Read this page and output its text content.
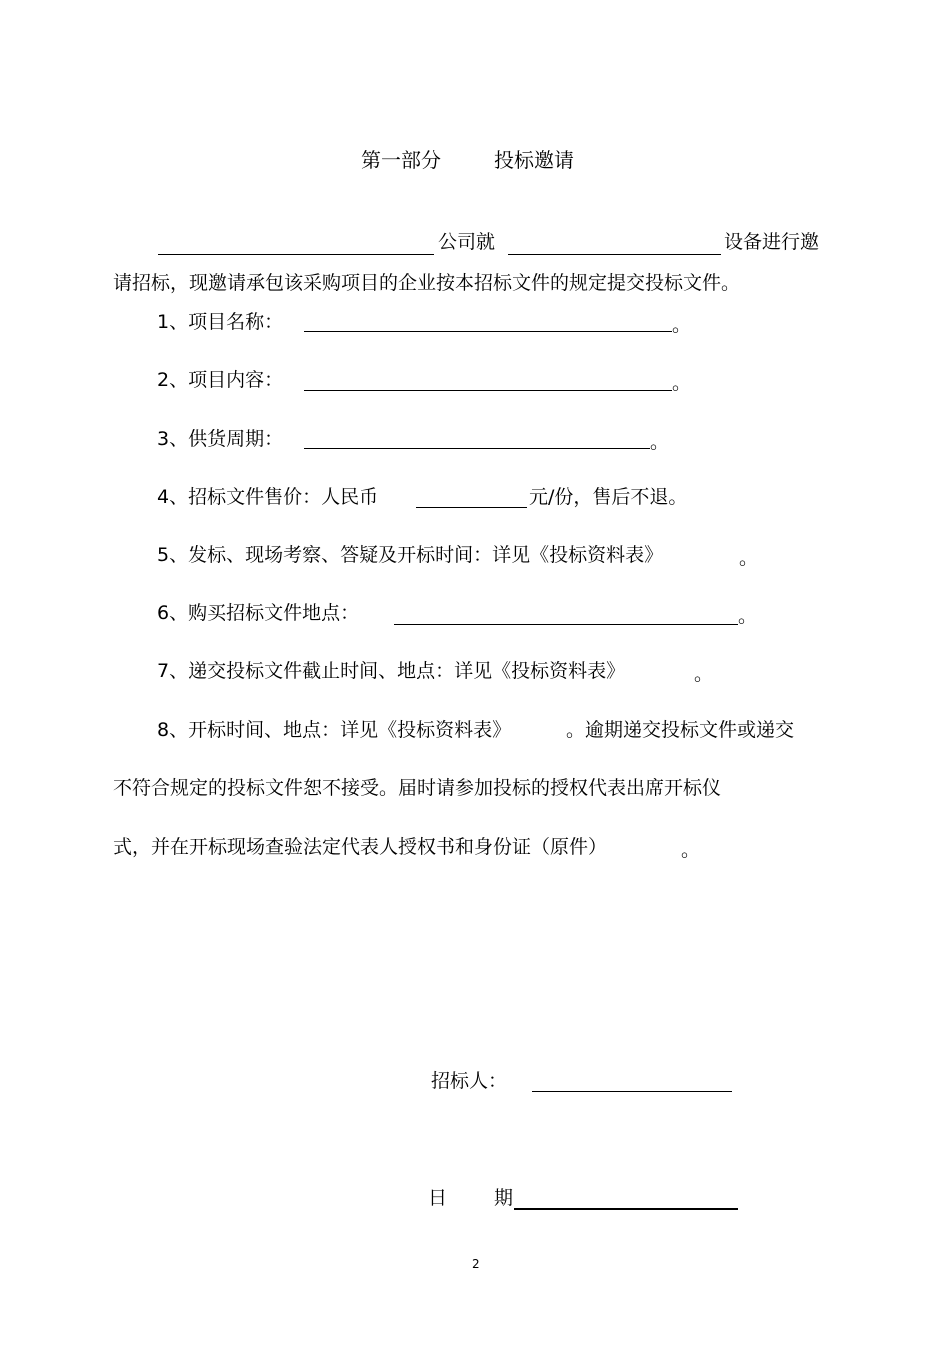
第一部分	投标邀请
公司就	设备进行邀
请招标，现邀请承包该采购项目的企业按本招标文件的规定提交投标文件。
1、项目名称：	。
2、项目内容：	。
3、供货周期：	。
4、招标文件售价：人民币	元/份，售后不退。
5、发标、现场考察、答疑及开标时间：详见《投标资料表》	。
6、购买招标文件地点：	。
7、递交投标文件截止时间、地点：详见《投标资料表》	。
8、开标时间、地点：详见《投标资料表》	。逾期递交投标文件或递交
不符合规定的投标文件恕不接受。届时请参加投标的授权代表出席开标仪
式，并在开标现场查验法定代表人授权书和身份证（原件）	。
招标人：
日 期
2
